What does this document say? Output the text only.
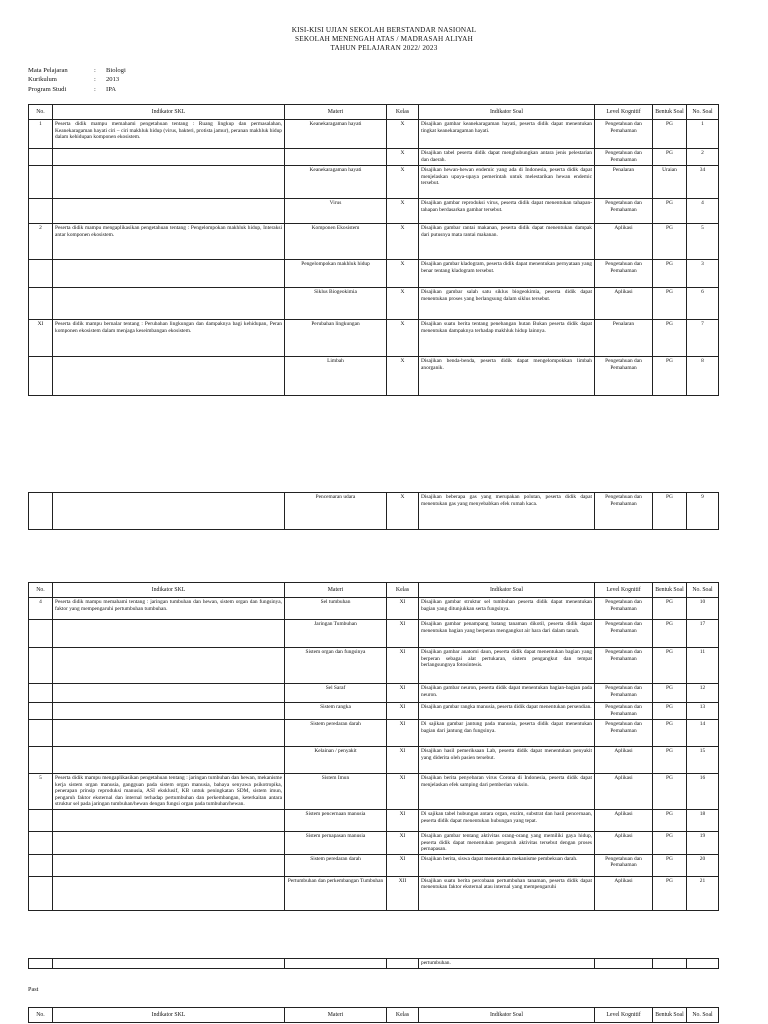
KISI-KISI UJIAN SEKOLAH BERSTANDAR NASIONAL
SEKOLAH MENENGAH ATAS / MADRASAH ALIYAH
TAHUN PELAJARAN 2022/ 2023
Mata Pelajaran	:	Biologi
Kurikulum	:	2013
Program Studi	:	IPA
No.	Indikator SKL	Materi	Kelas	Indikator Soal	Level Kognitif	Bentuk Soal	No. Soal
1	Peserta didik mampu memahami pengetahuan tentang : Ruang lingkup dan permasalahan, Keanekaragaman hayati ciri – ciri makhluk hidup (virus, bakteri, protista jamur), peranan makhluk hidup dalam kehidupan komponen ekosistem.	Keanekaragaman hayati	X	Disajikan gambar keanekaragaman hayati, peserta didik dapat menentukan tingkat keanekaragaman hayati.	Pengetahuan dan Pemahaman	PG	1
			X	Disajikan tabel peserta didik dapat menghubungkan antara jenis pelestarian dan daerah.	Pengetahuan dan Pemahaman	PG	2
		Keanekaragaman hayati	X	Disajikan hewan-hewan endemic yang ada di Indonesia, peserta didik dapat menjelaskan upaya-upaya pemerintah untuk melestarikan hewan endemic tersebut.	Penalaran	Uraian	34
		Virus	X	Disajikan gambar reproduksi virus, peserta didik dapat menentukan tahapan-tahapan berdasarkan gambar tersebut.	Pengetahuan dan Pemahaman	PG	4
2	Peserta didik mampu mengaplikasikan pengetahuan tentang : Pengelompokan makhluk hidup, Interaksi antar komponen ekosistem.	Komponen Ekosistem	X	Disajikan gambar rantai makanan, peserta didik dapat menentukan dampak dari putusnya mata rantai makanan.	Aplikasi	PG	5
		Pengelompokan makhluk hidup	X	Disajikan gambar kladogram, peserta didik dapat menentukan pernyataan yang benar tentang kladogram tersebut.	Pengetahuan dan Pemahaman	PG	3
		Siklus Biogeokimia	X	Disajikan gambar salah satu siklus biogeokimia, peserta didik dapat menentukan proses yang berlangsung dalam siklus tersebut.	Aplikasi	PG	6
XI	Peserta didik mampu bernalar tentang : Perubahan lingkungan dan dampaknya bagi kehidupan, Peran komponen ekosistem dalam menjaga keseimbangan ekosistem.	Perubahan lingkungan	X	Disajikan suatu berita tentang penebangan hutan Bukan peserta didik dapat menentukan dampaknya terhadap makhluk hidup lainnya.	Penalaran	PG	7
		Limbah	X	Disajikan benda-benda, peserta didik dapat mengelompokkan limbah anorganik.	Pengetahuan dan Pemahaman	PG	8
		Pencemaran udara	X	Disajikan beberapa gas yang merupakan polutan, peserta didik dapat menentukan gas yang menyebabkan efek rumah kaca.	Pengetahuan dan Pemahaman	PG	9
No.	Indikator SKL	Materi	Kelas	Indikator Soal	Level Kognitif	Bentuk Soal	No. Soal
4	Peserta didik mampu memahami tentang : jaringan tumbuhan dan hewan, sistem organ dan fungsinya, faktor yang mempengaruhi pertumbuhan tumbuhan.	Sel tumbuhan	XI	Disajikan gambar struktur sel tumbuhan peserta didik dapat menentukan bagian yang ditunjukkan serta fungsinya.	Pengetahuan dan Pemahaman	PG	10
		Jaringan Tumbuhan	XI	Disajikan gambar penampang batang tanaman dikotil, peserta didik dapat menentukan bagian yang berperan mengangkut air hara dari dalam tanah.	Pengetahuan dan Pemahaman	PG	17
		Sistem organ dan fungsinya	XI	Disajikan gambar anatomi daun, peserta didik dapat menentukan bagian yang berperan sebagai alat pertukaran, sistem pengangkut dan tempat berlangsungnya fotosintesis.	Pengetahuan dan Pemahaman	PG	11
		Sel Saraf	XI	Disajikan gambar neuron, peserta didik dapat menentukan bagian-bagian pada neuron.	Pengetahuan dan Pemahaman	PG	12
		Sistem rangka	XI	Disajikan gambar rangka manusia, peserta didik dapat menentukan persendian.	Pengetahuan dan Pemahaman	PG	13
		Sistem peredaran darah	XI	Di sajikan gambar jantung pada manusia, peserta didik dapat menentukan bagian dari jantung dan fungsinya.	Pengetahuan dan Pemahaman	PG	14
		Kelainan / penyakit	XI	Disajikan hasil pemeriksaan Lab, peserta didik dapat menentukan penyakit yang diderita oleh pasien tersebut.	Aplikasi	PG	15
5	Peserta didik mampu mengaplikasikan pengetahuan tentang : jaringan tumbuhan dan hewan, mekanisme kerja sistem organ manusia, gangguan pada sistem organ manusia, bahaya senyawa psikotropika, penerapan prinsip reproduksi manusia, ASI eksklusif, KB untuk peningkatan SDM, sistem imun, pengaruh faktor eksternal dan internal terhadap pertumbuhan dan perkembangan, keterkaitan antara struktur sel pada jaringan tumbuhan/hewan dengan fungsi organ pada tumbuhan/hewan.	Sistem Imun	XI	Disajikan berita penyebaran virus Corona di Indonesia, peserta didik dapat menjelaskan efek samping dari pemberian vaksin.	Aplikasi	PG	16
		Sistem pencernaan manusia	XI	Di sajikan tabel hubungan antara organ, enzim, substrat dan hasil pencernaan, peserta didik dapat menentukan hubungan yang tepat.	Aplikasi	PG	18
		Sistem pernapasan manusia	XI	Disajikan gambar tentang aktivitas orang-orang yang memiliki gaya hidup, peserta didik dapat menentukan pengaruh aktivitas tersebut dengan proses pernapasan.	Aplikasi	PG	19
		Sistem peredaran darah	XI	Disajikan berita, siswa dapat menentukan mekanisme pembekuan darah.	Pengetahuan dan Pemahaman	PG	20
		Pertumbuhan dan perkembangan Tumbuhan	XII	Disajikan suatu berita percobaan pertumbuhan tanaman, peserta didik dapat menentukan faktor eksternal atau internal yang mempengaruhi	Aplikasi	PG	21
				pertumbuhan.			
Past
No.	Indikator SKL	Materi	Kelas	Indikator Soal	Level Kognitif	Bentuk Soal	No. Soal
